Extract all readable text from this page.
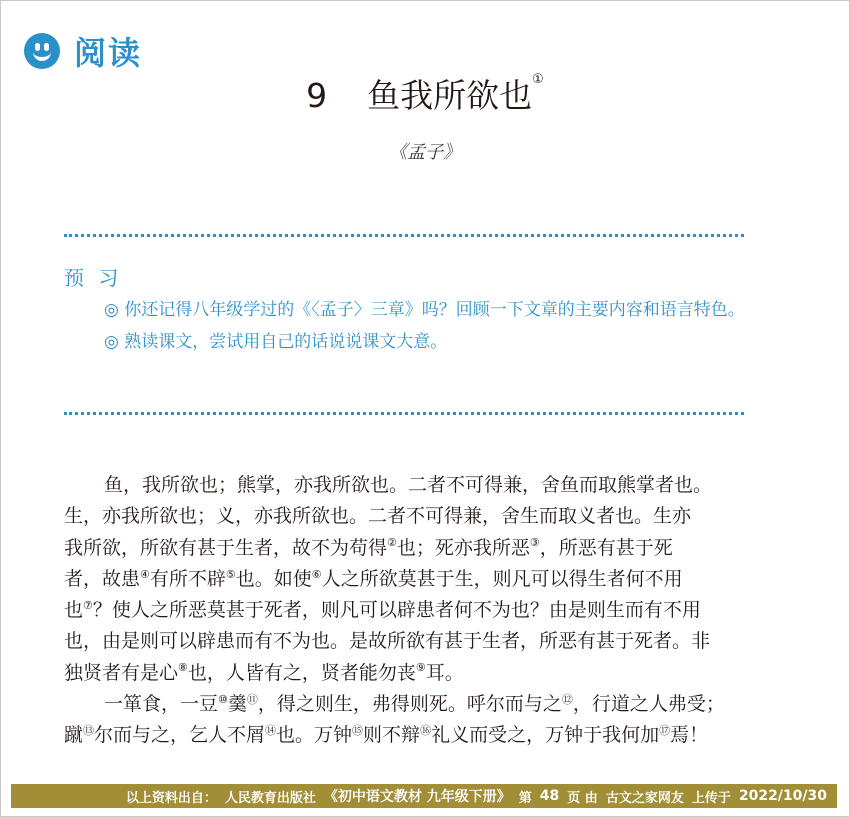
阅读
9 鱼我所欲也①
《孟子》
预 习

◎ 你还记得八年级学过的《〈孟子〉三章》吗？回顾一下文章的主要内容和语言特色。

◎ 熟读课文，尝试用自己的话说说课文大意。

鱼，我所欲也；熊掌，亦我所欲也。二者不可得兼，舍鱼而取熊掌者也。
生，亦我所欲也；义，亦我所欲也。二者不可得兼，舍生而取义者也。生亦
我所欲，所欲有甚于生者，故不为苟得②也；死亦我所恶③，所恶有甚于死
者，故患④有所不辟⑤也。如使⑥人之所欲莫甚于生，则凡可以得生者何不用
也⑦？使人之所恶莫甚于死者，则凡可以辟患者何不为也？由是则生而有不用
也，由是则可以辟患而有不为也。是故所欲有甚于生者，所恶有甚于死者。非
独贤者有是心⑧也，人皆有之，贤者能勿丧⑨耳。
一箪食，一豆⑩羹⑪，得之则生，弗得则死。呼尔而与之⑫，行道之人弗受；
蹴⑬尔而与之，乞人不屑⑭也。万钟⑮则不辩⑯礼义而受之，万钟于我何加⑰焉！
以上资料出自： 人民教育出版社 《初中语文教材 九年级下册》 第 48 页 由 古文之家网友 上传于 2022/10/30
